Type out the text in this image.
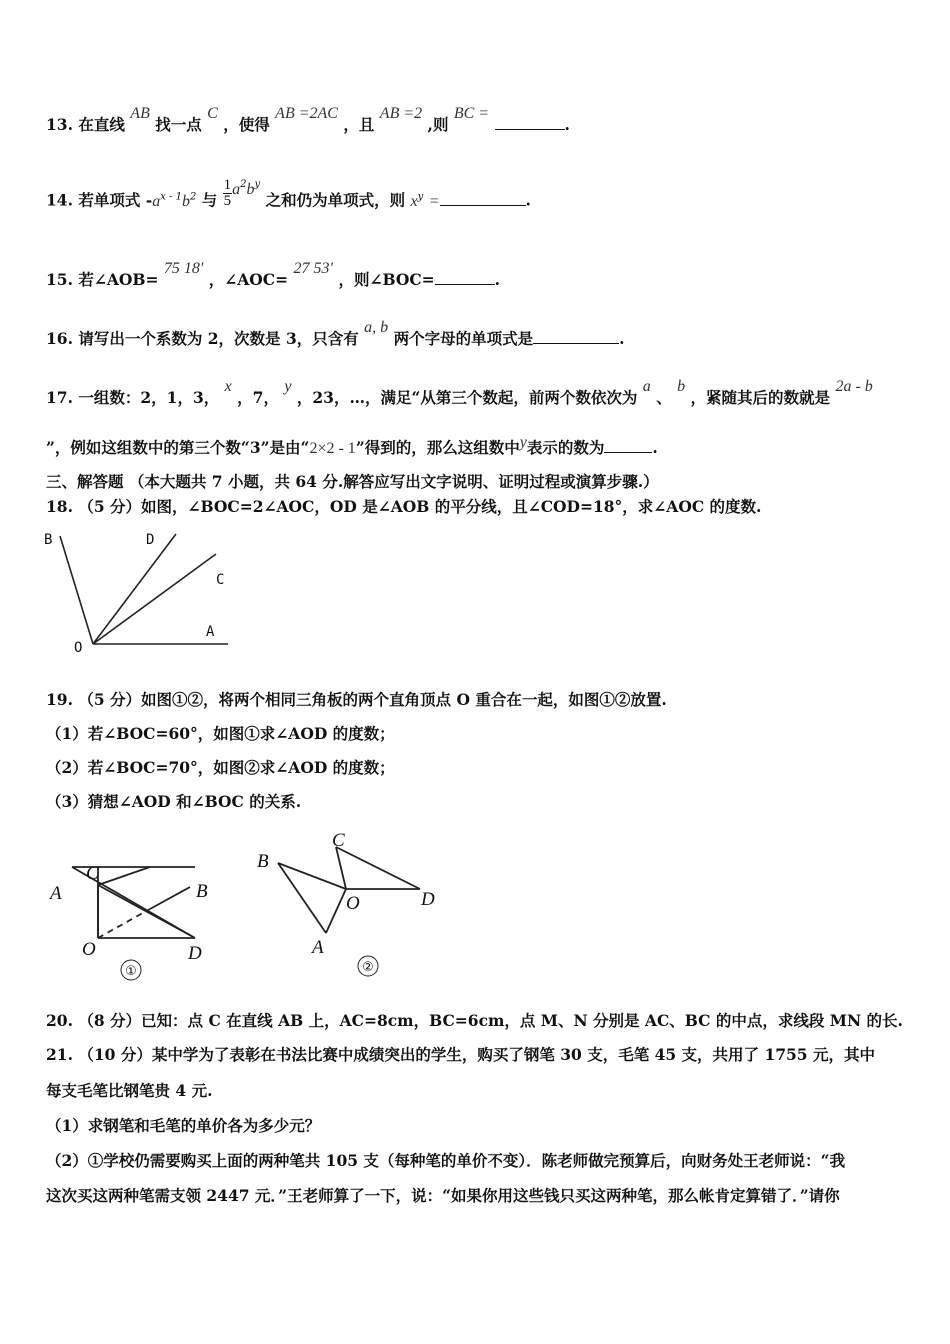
13. 在直线 AB 找一点 C ，使得 AB =2AC ，且 AB =2 ,则 BC = .
14. 若单项式 $-a^{x - 1}b^2$ 与 $\frac{1}{5} a^2b^y$ 之和仍为单项式，则 $x^y$ =	.
15. 若∠AOB= 75 18′ ，∠AOC= 27 53′ ，则∠BOC=	.
16. 请写出一个系数为 2，次数是 3，只含有 a, b 两个字母的单项式是	.
17. 一组数：2，1，3， x ，7， y ，23，…，满足“从第三个数起，前两个数依次为 a 、 b ，紧随其后的数就是 2a - b
”，例如这组数中的第三个数“3”是由“2×2 - 1”得到的，那么这组数中y表示的数为	.
三、解答题 （本大题共 7 小题，共 64 分.解答应写出文字说明、证明过程或演算步骤.）
18. （5 分）如图，∠BOC=2∠AOC，OD 是∠AOB 的平分线，且∠COD=18°，求∠AOC 的度数.
B	D
C
O
A
19. （5 分）如图①②，将两个相同三角板的两个直角顶点 O 重合在一起，如图①②放置.
（1）若∠BOC=60°，如图①求∠AOD 的度数；
（2）若∠BOC=70°，如图②求∠AOD 的度数；
（3）猜想∠AOD 和∠BOC 的关系.
A
C
B
O	D
B
C
O	D
A
①	②
20. （8 分）已知：点 C 在直线 AB 上，AC=8cm，BC=6cm，点 M、N 分别是 AC、BC 的中点，求线段 MN 的长.
21. （10 分）某中学为了表彰在书法比赛中成绩突出的学生，购买了钢笔 30 支，毛笔 45 支，共用了 1755 元，其中
每支毛笔比钢笔贵 4 元.
（1）求钢笔和毛笔的单价各为多少元？
（2）①学校仍需要购买上面的两种笔共 105 支（每种笔的单价不变）．陈老师做完预算后，向财务处王老师说：“我
这次买这两种笔需支领 2447 元．”王老师算了一下，说：“如果你用这些钱只买这两种笔，那么帐肯定算错了．”请你
